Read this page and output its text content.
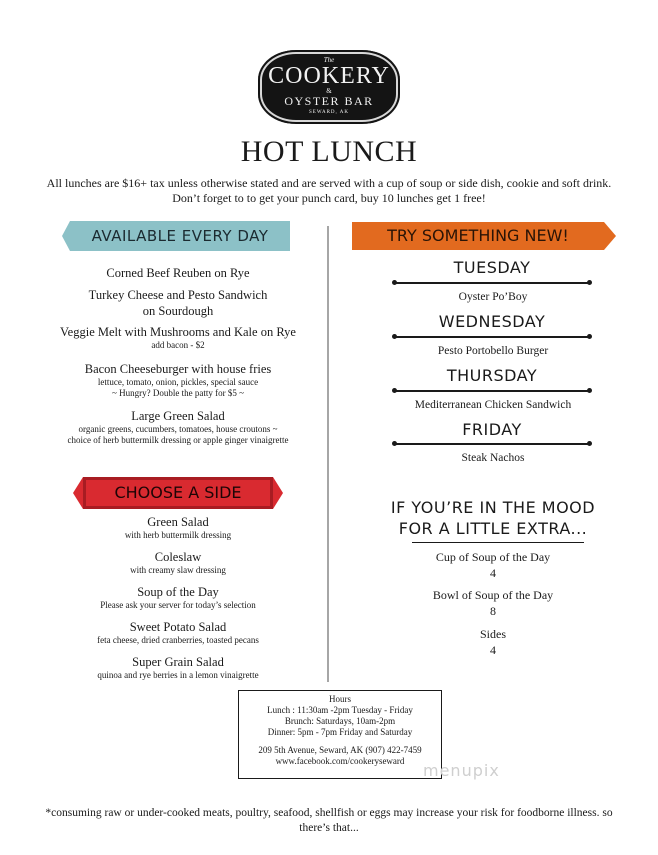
The
COOKERY
&
OYSTER BAR
SEWARD, AK
HOT LUNCH
All lunches are $16+ tax unless otherwise stated and are served with a cup of soup or side dish, cookie and soft drink. Don’t forget to to get your punch card, buy 10 lunches get 1 free!
AVAILABLE EVERY DAY
Corned Beef Reuben on Rye
Turkey Cheese and Pesto Sandwich on Sourdough
Veggie Melt with Mushrooms and Kale on Rye
add bacon - $2
Bacon Cheeseburger with house fries
lettuce, tomato, onion, pickles, special sauce
~ Hungry? Double the patty for $5 ~
Large Green Salad
organic greens, cucumbers, tomatoes, house croutons ~
choice of herb buttermilk dressing or apple ginger vinaigrette
CHOOSE A SIDE
Green Salad
with herb buttermilk dressing
Coleslaw
with creamy slaw dressing
Soup of the Day
Please ask your server for today’s selection
Sweet Potato Salad
feta cheese, dried cranberries, toasted pecans
Super Grain Salad
quinoa and rye berries in a lemon vinaigrette
TRY SOMETHING NEW!
TUESDAY
Oyster Po’Boy
WEDNESDAY
Pesto Portobello Burger
THURSDAY
Mediterranean Chicken Sandwich
FRIDAY
Steak Nachos
IF YOU’RE IN THE MOOD
FOR A LITTLE EXTRA...
Cup of Soup of the Day
4
Bowl of Soup of the Day
8
Sides
4
Hours
Lunch : 11:30am -2pm Tuesday - Friday
Brunch: Saturdays, 10am-2pm
Dinner: 5pm - 7pm Friday and Saturday
209 5th Avenue, Seward, AK (907) 422-7459
www.facebook.com/cookeryseward	menupix
*consuming raw or under-cooked meats, poultry, seafood, shellfish or eggs may increase your risk for foodborne illness. so there’s that...
